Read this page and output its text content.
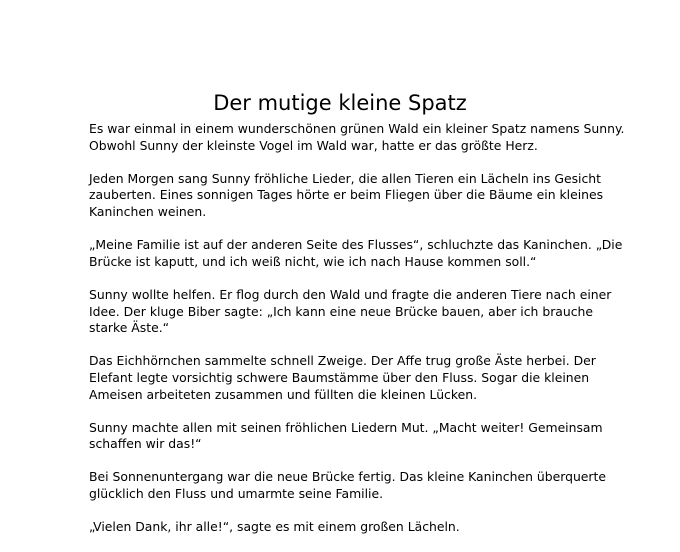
Der mutige kleine Spatz

Es war einmal in einem wunderschönen grünen Wald ein kleiner Spatz namens Sunny.
Obwohl Sunny der kleinste Vogel im Wald war, hatte er das größte Herz.

Jeden Morgen sang Sunny fröhliche Lieder, die allen Tieren ein Lächeln ins Gesicht
zauberten. Eines sonnigen Tages hörte er beim Fliegen über die Bäume ein kleines
Kaninchen weinen.

„Meine Familie ist auf der anderen Seite des Flusses“, schluchzte das Kaninchen. „Die
Brücke ist kaputt, und ich weiß nicht, wie ich nach Hause kommen soll.“

Sunny wollte helfen. Er flog durch den Wald und fragte die anderen Tiere nach einer
Idee. Der kluge Biber sagte: „Ich kann eine neue Brücke bauen, aber ich brauche
starke Äste.“

Das Eichhörnchen sammelte schnell Zweige. Der Affe trug große Äste herbei. Der
Elefant legte vorsichtig schwere Baumstämme über den Fluss. Sogar die kleinen
Ameisen arbeiteten zusammen und füllten die kleinen Lücken.

Sunny machte allen mit seinen fröhlichen Liedern Mut. „Macht weiter! Gemeinsam
schaffen wir das!“

Bei Sonnenuntergang war die neue Brücke fertig. Das kleine Kaninchen überquerte
glücklich den Fluss und umarmte seine Familie.

„Vielen Dank, ihr alle!“, sagte es mit einem großen Lächeln.
